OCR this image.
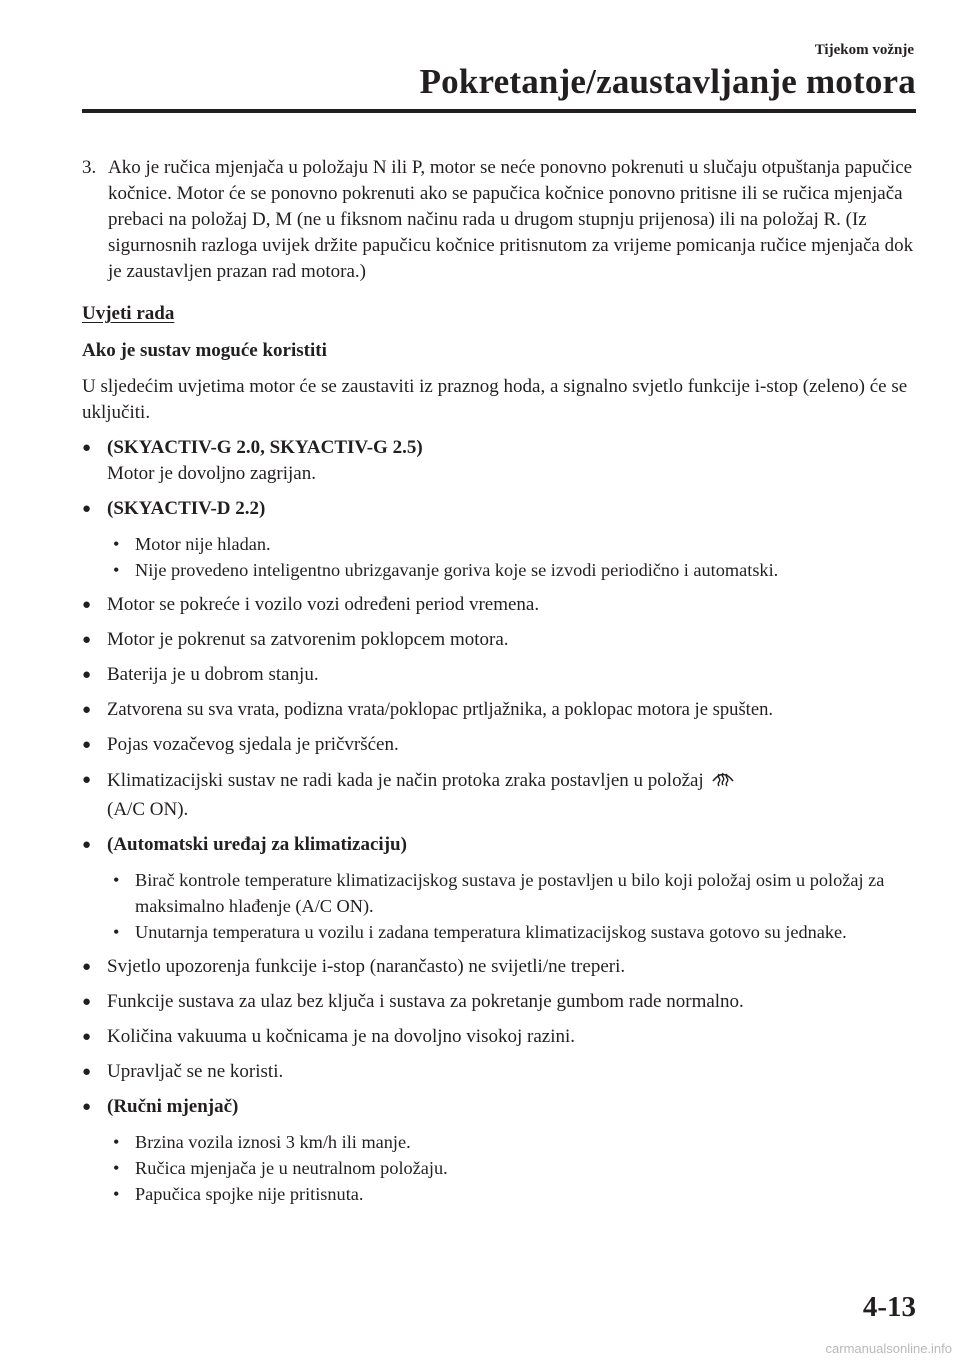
Tijekom vožnje
Pokretanje/zaustavljanje motora
3. Ako je ručica mjenjača u položaju N ili P, motor se neće ponovno pokrenuti u slučaju otpuštanja papučice kočnice. Motor će se ponovno pokrenuti ako se papučica kočnice ponovno pritisne ili se ručica mjenjača prebaci na položaj D, M (ne u fiksnom načinu rada u drugom stupnju prijenosa) ili na položaj R. (Iz sigurnosnih razloga uvijek držite papučicu kočnice pritisnutom za vrijeme pomicanja ručice mjenjača dok je zaustavljen prazan rad motora.)
Uvjeti rada
Ako je sustav moguće koristiti
U sljedećim uvjetima motor će se zaustaviti iz praznog hoda, a signalno svjetlo funkcije i-stop (zeleno) će se uključiti.
● (SKYACTIV-G 2.0, SKYACTIV-G 2.5)
Motor je dovoljno zagrijan.
● (SKYACTIV-D 2.2)
• Motor nije hladan.
• Nije provedeno inteligentno ubrizgavanje goriva koje se izvodi periodično i automatski.
● Motor se pokreće i vozilo vozi određeni period vremena.
● Motor je pokrenut sa zatvorenim poklopcem motora.
● Baterija je u dobrom stanju.
● Zatvorena su sva vrata, podizna vrata/poklopac prtljažnika, a poklopac motora je spušten.
● Pojas vozačevog sjedala je pričvršćen.
● Klimatizacijski sustav ne radi kada je način protoka zraka postavljen u položaj
(A/C ON).
● (Automatski uređaj za klimatizaciju)
• Birač kontrole temperature klimatizacijskog sustava je postavljen u bilo koji položaj osim u položaj za maksimalno hlađenje (A/C ON).
• Unutarnja temperatura u vozilu i zadana temperatura klimatizacijskog sustava gotovo su jednake.
● Svjetlo upozorenja funkcije i-stop (narančasto) ne svijetli/ne treperi.
● Funkcije sustava za ulaz bez ključa i sustava za pokretanje gumbom rade normalno.
● Količina vakuuma u kočnicama je na dovoljno visokoj razini.
● Upravljač se ne koristi.
● (Ručni mjenjač)
• Brzina vozila iznosi 3 km/h ili manje.
• Ručica mjenjača je u neutralnom položaju.
• Papučica spojke nije pritisnuta.
4-13
carmanualsonline.info
